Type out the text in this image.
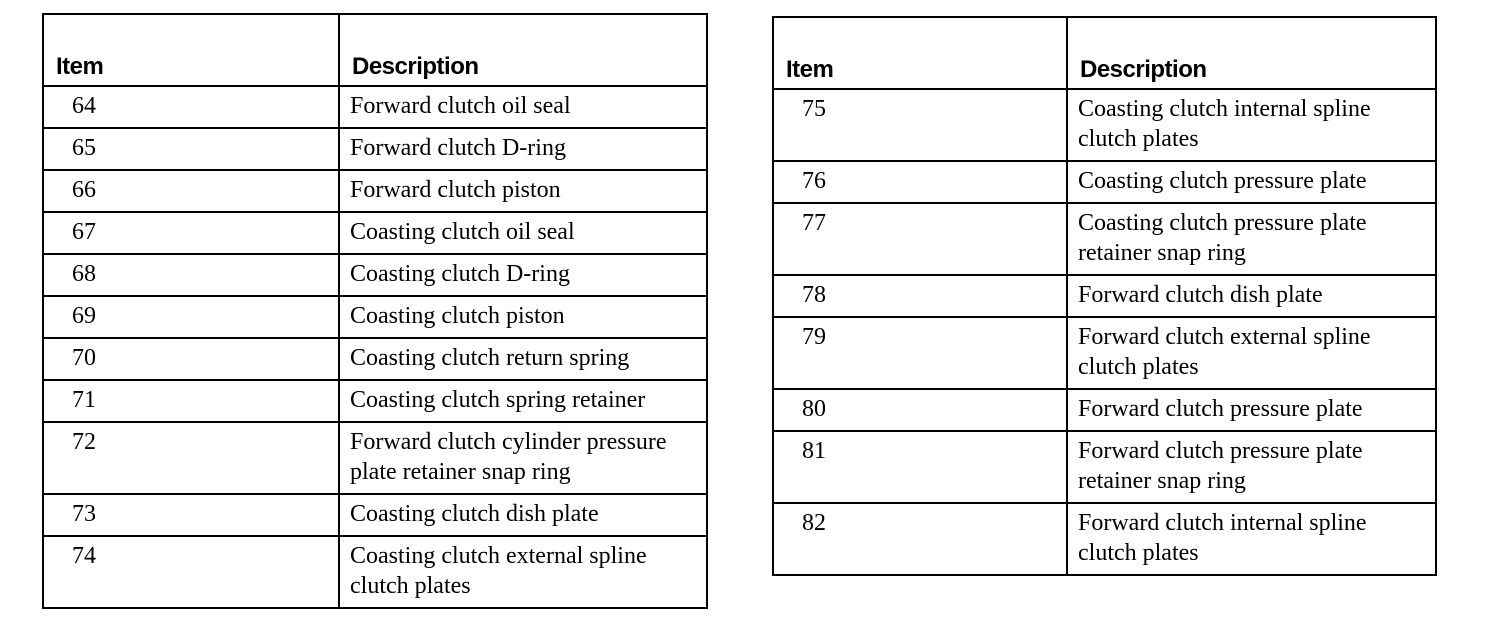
Item	Description
64	Forward clutch oil seal
65	Forward clutch D-ring
66	Forward clutch piston
67	Coasting clutch oil seal
68	Coasting clutch D-ring
69	Coasting clutch piston
70	Coasting clutch return spring
71	Coasting clutch spring retainer
72	Forward clutch cylinder pressure plate retainer snap ring
73	Coasting clutch dish plate
74	Coasting clutch external spline clutch plates
Item	Description
75	Coasting clutch internal spline clutch plates
76	Coasting clutch pressure plate
77	Coasting clutch pressure plate retainer snap ring
78	Forward clutch dish plate
79	Forward clutch external spline clutch plates
80	Forward clutch pressure plate
81	Forward clutch pressure plate retainer snap ring
82	Forward clutch internal spline clutch plates
